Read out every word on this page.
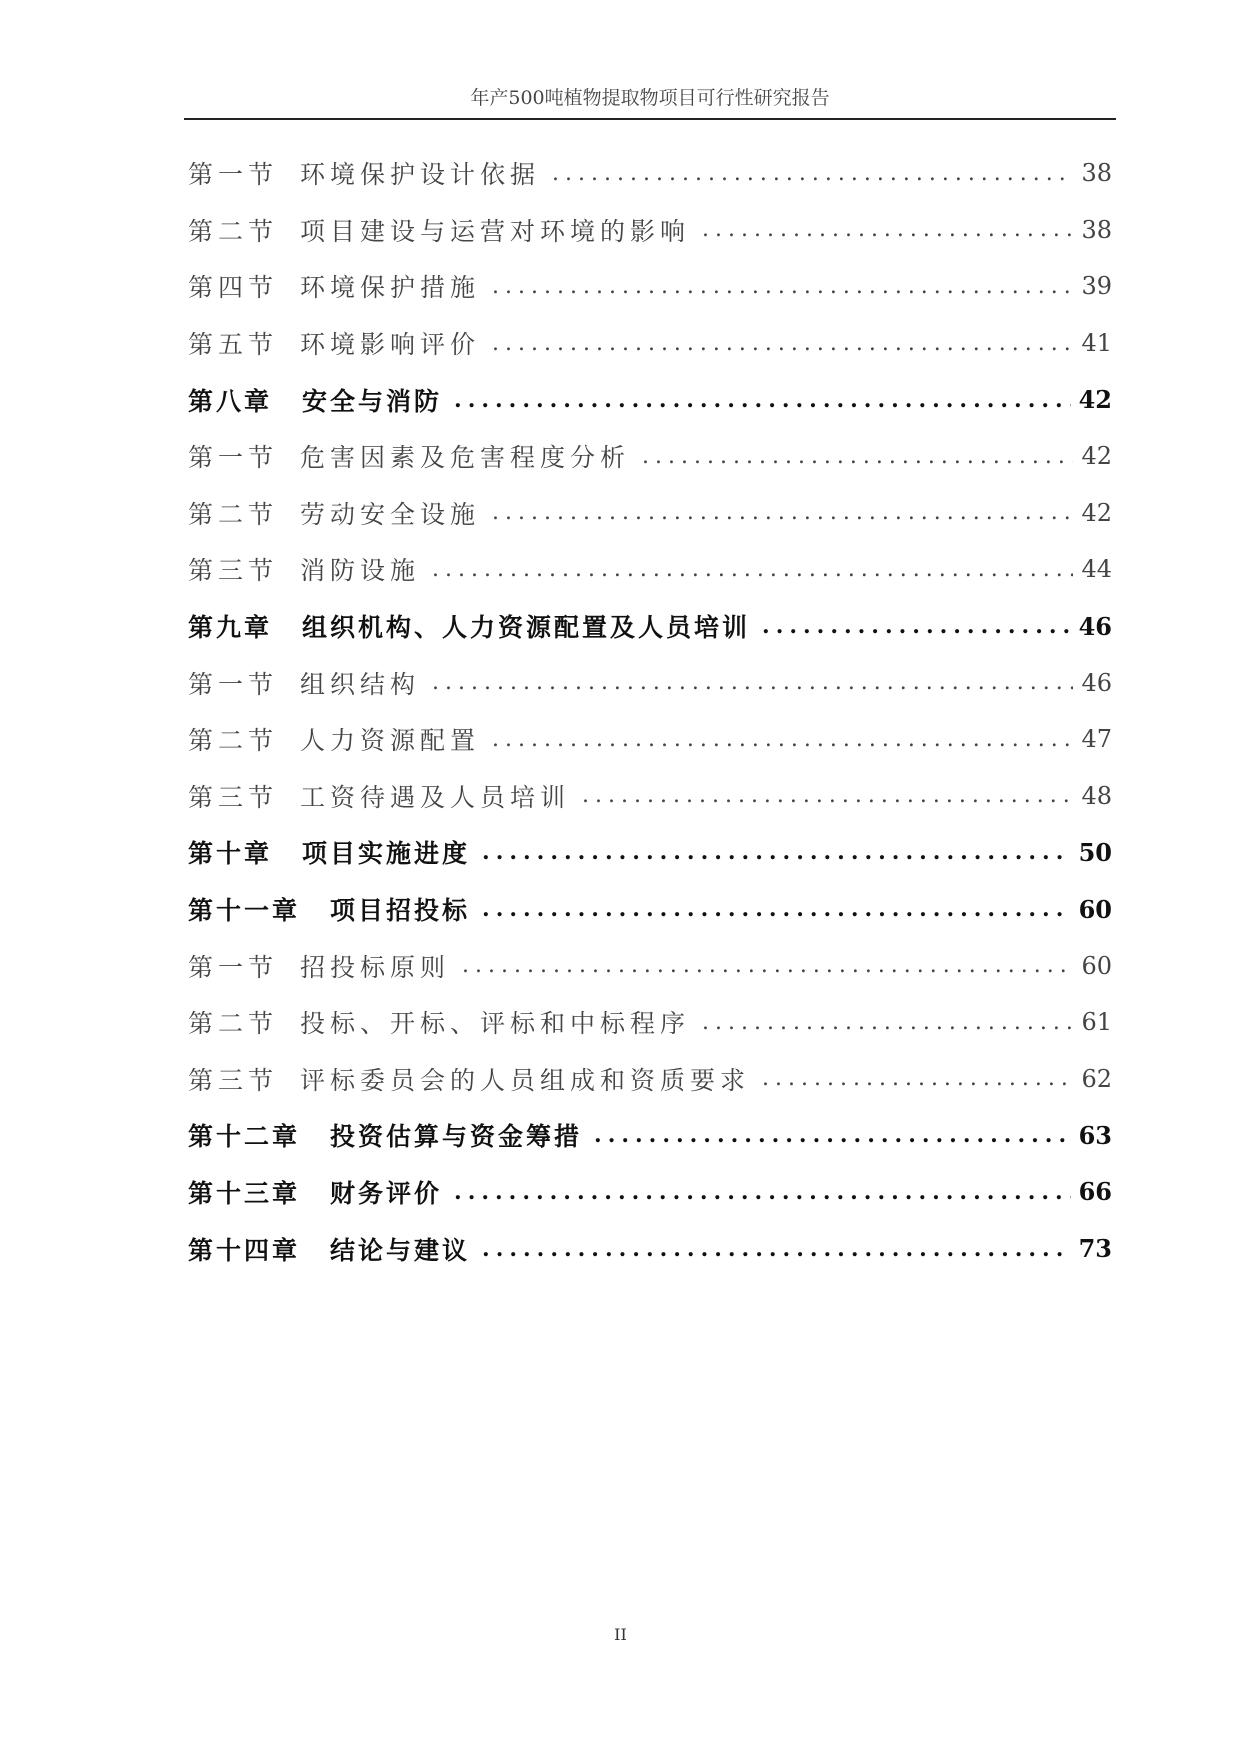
年产500吨植物提取物项目可行性研究报告
第一节 环境保护设计依据 .....	38
第二节 项目建设与运营对环境的影响 .....	38
第四节 环境保护措施 .....	39
第五节 环境影响评价 .....	41
第八章 安全与消防 .....	42
第一节 危害因素及危害程度分析 .....	42
第二节 劳动安全设施 .....	42
第三节 消防设施 .....	44
第九章 组织机构、人力资源配置及人员培训 .....	46
第一节 组织结构 .....	46
第二节 人力资源配置 .....	47
第三节 工资待遇及人员培训 .....	48
第十章 项目实施进度 .....	50
第十一章 项目招投标 .....	60
第一节 招投标原则 .....	60
第二节 投标、开标、评标和中标程序 .....	61
第三节 评标委员会的人员组成和资质要求 .....	62
第十二章 投资估算与资金筹措 .....	63
第十三章 财务评价 .....	66
第十四章 结论与建议 .....	73
II
